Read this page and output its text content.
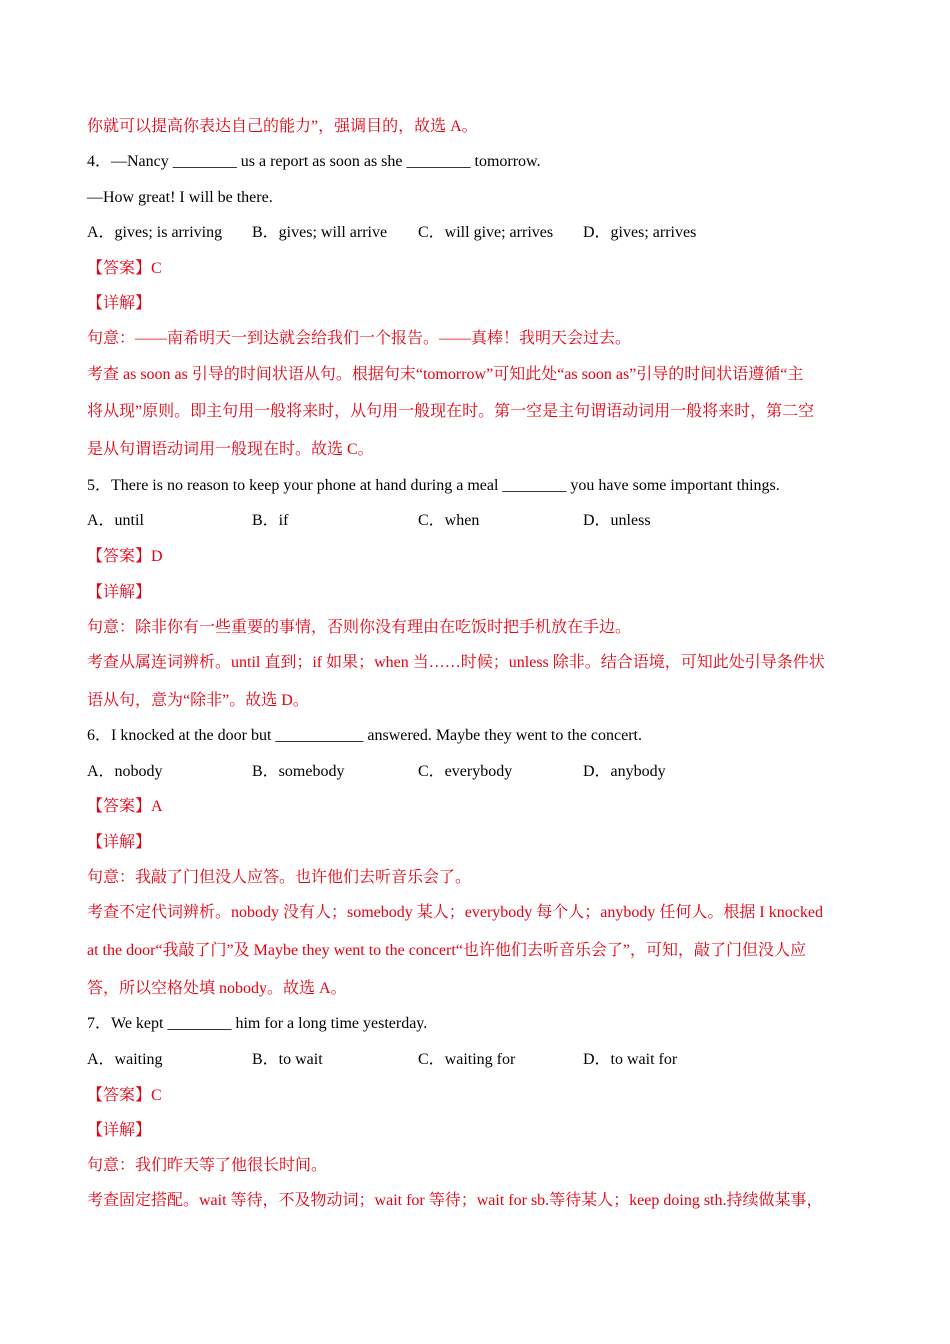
你就可以提高你表达自己的能力”，强调目的，故选 A。
4．—Nancy ________ us a report as soon as she ________ tomorrow.
—How great! I will be there.
A．gives; is arriving B．gives; will arrive C．will give; arrives D．gives; arrives
【答案】C
【详解】
句意：——南希明天一到达就会给我们一个报告。——真棒！我明天会过去。
考查 as soon as 引导的时间状语从句。根据句末“tomorrow”可知此处“as soon as”引导的时间状语遵循“主
将从现”原则。即主句用一般将来时，从句用一般现在时。第一空是主句谓语动词用一般将来时，第二空
是从句谓语动词用一般现在时。故选 C。
5．There is no reason to keep your phone at hand during a meal ________ you have some important things.
A．until	B．if	C．when	D．unless
【答案】D
【详解】
句意：除非你有一些重要的事情，否则你没有理由在吃饭时把手机放在手边。
考查从属连词辨析。until 直到；if 如果；when 当……时候；unless 除非。结合语境，可知此处引导条件状
语从句，意为“除非”。故选 D。
6．I knocked at the door but ___________ answered. Maybe they went to the concert.
A．nobody	B．somebody	C．everybody	D．anybody
【答案】A
【详解】
句意：我敲了门但没人应答。也许他们去听音乐会了。
考查不定代词辨析。nobody 没有人；somebody 某人；everybody 每个人；anybody 任何人。根据 I knocked
at the door“我敲了门”及 Maybe they went to the concert“也许他们去听音乐会了”，可知，敲了门但没人应
答，所以空格处填 nobody。故选 A。
7．We kept ________ him for a long time yesterday.
A．waiting	B．to wait	C．waiting for	D．to wait for
【答案】C
【详解】
句意：我们昨天等了他很长时间。
考查固定搭配。wait 等待，不及物动词；wait for 等待；wait for sb.等待某人；keep doing sth.持续做某事，
